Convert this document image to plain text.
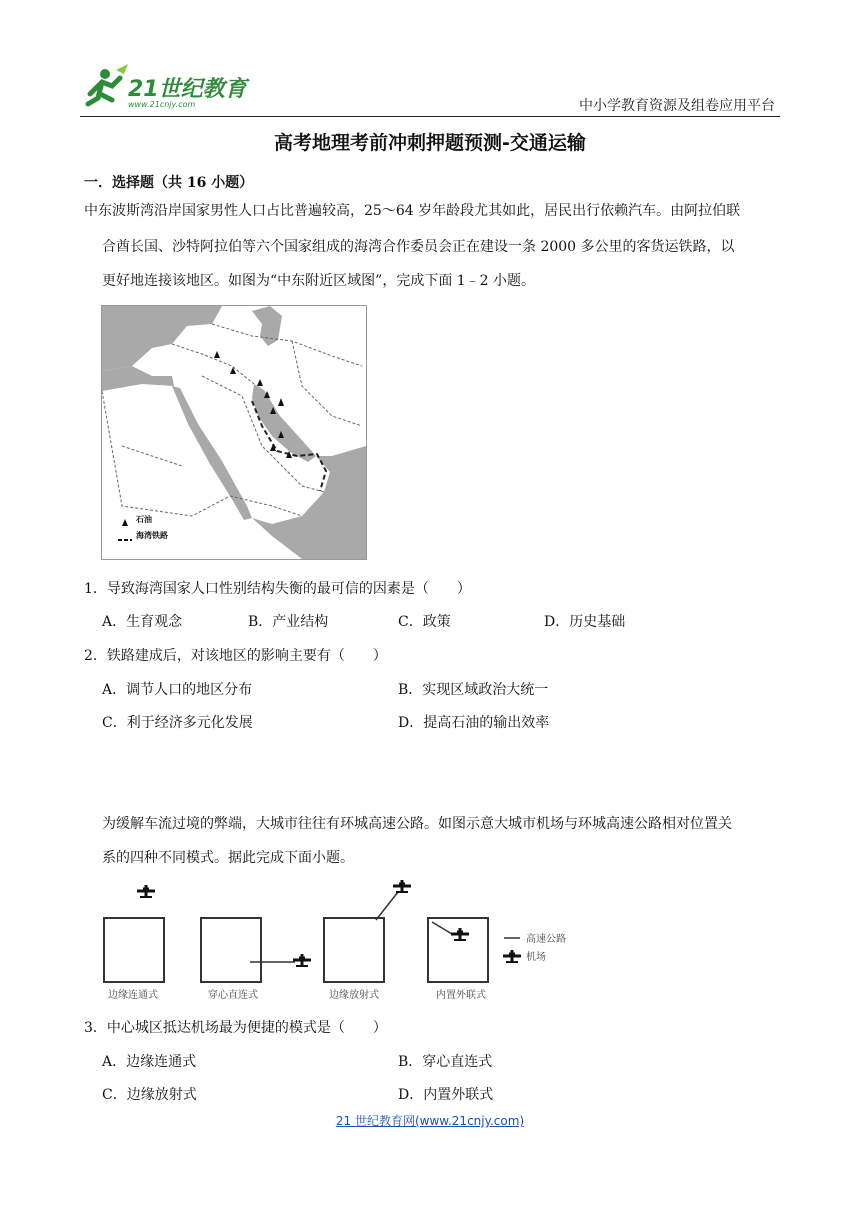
21世纪教育
www.21cnjy.com	中小学教育资源及组卷应用平台
高考地理考前冲刺押题预测-交通运输
一．选择题（共 16 小题）
中东波斯湾沿岸国家男性人口占比普遍较高，25～64 岁年龄段尤其如此，居民出行依赖汽车。由阿拉伯联
合酋长国、沙特阿拉伯等六个国家组成的海湾合作委员会正在建设一条 2000 多公里的客货运铁路，以
更好地连接该地区。如图为“中东附近区域图”，完成下面 1﹣2 小题。
石油
海湾铁路
1．导致海湾国家人口性别结构失衡的最可信的因素是（　　）
A．生育观念	B．产业结构	C．政策	D．历史基础
2．铁路建成后，对该地区的影响主要有（　　）
A．调节人口的地区分布	B．实现区域政治大统一
C．利于经济多元化发展	D．提高石油的输出效率
为缓解车流过境的弊端，大城市往往有环城高速公路。如图示意大城市机场与环城高速公路相对位置关
系的四种不同模式。据此完成下面小题。
高速公路
机场
边缘连通式	穿心直连式	边缘放射式	内置外联式
3．中心城区抵达机场最为便捷的模式是（　　）
A．边缘连通式	B．穿心直连式
C．边缘放射式	D．内置外联式
21 世纪教育网(www.21cnjy.com)
